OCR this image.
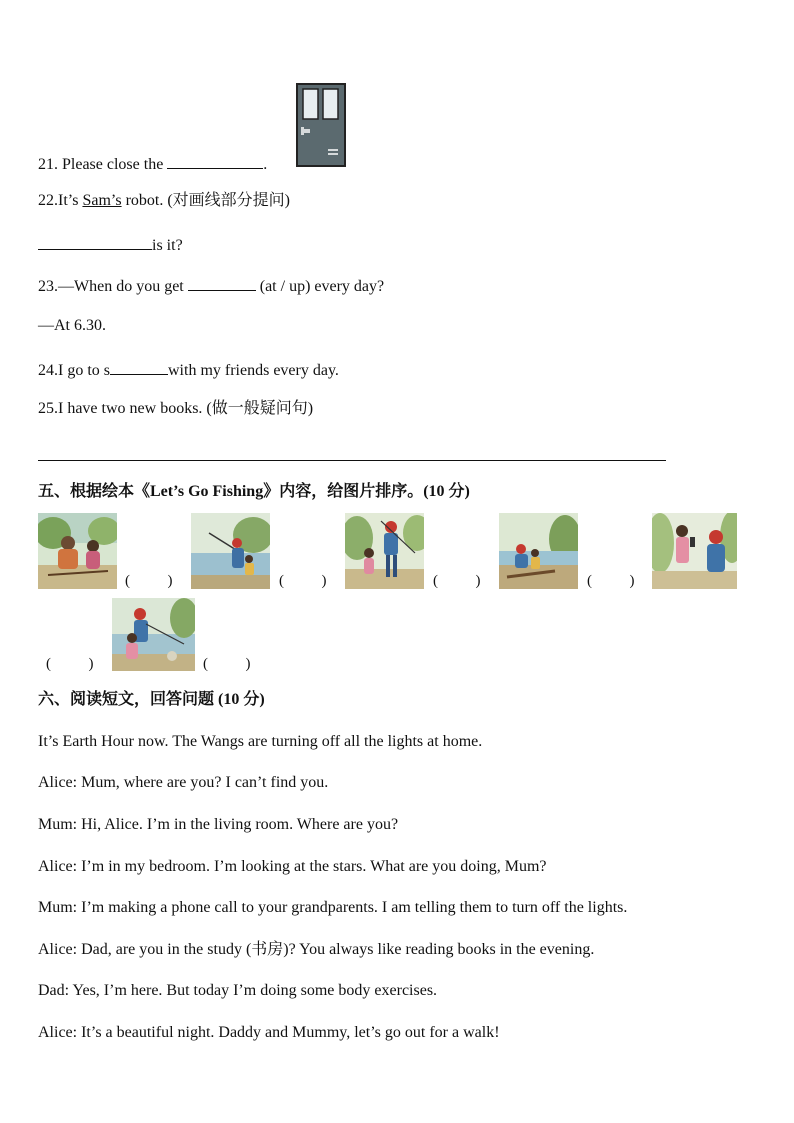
21. Please close the	.
22.It’s Sam’s robot. (对画线部分提问)
is it?
23.—When do you get	(at / up) every day?
—At 6.30.
24.I go to s	with my friends every day.
25.I have two new books. (做一般疑问句)
五、根据绘本《Let’s Go Fishing》内容，给图片排序。(10 分)
(          )	(          )	(          )	(          )
(          )	(          )
六、阅读短文，回答问题 (10 分)
It’s Earth Hour now. The Wangs are turning off all the lights at home.
Alice: Mum, where are you? I can’t find you.
Mum: Hi, Alice. I’m in the living room. Where are you?
Alice: I’m in my bedroom. I’m looking at the stars. What are you doing, Mum?
Mum: I’m making a phone call to your grandparents. I am telling them to turn off the lights.
Alice: Dad, are you in the study (书房)? You always like reading books in the evening.
Dad: Yes, I’m here. But today I’m doing some body exercises.
Alice: It’s a beautiful night. Daddy and Mummy, let’s go out for a walk!
